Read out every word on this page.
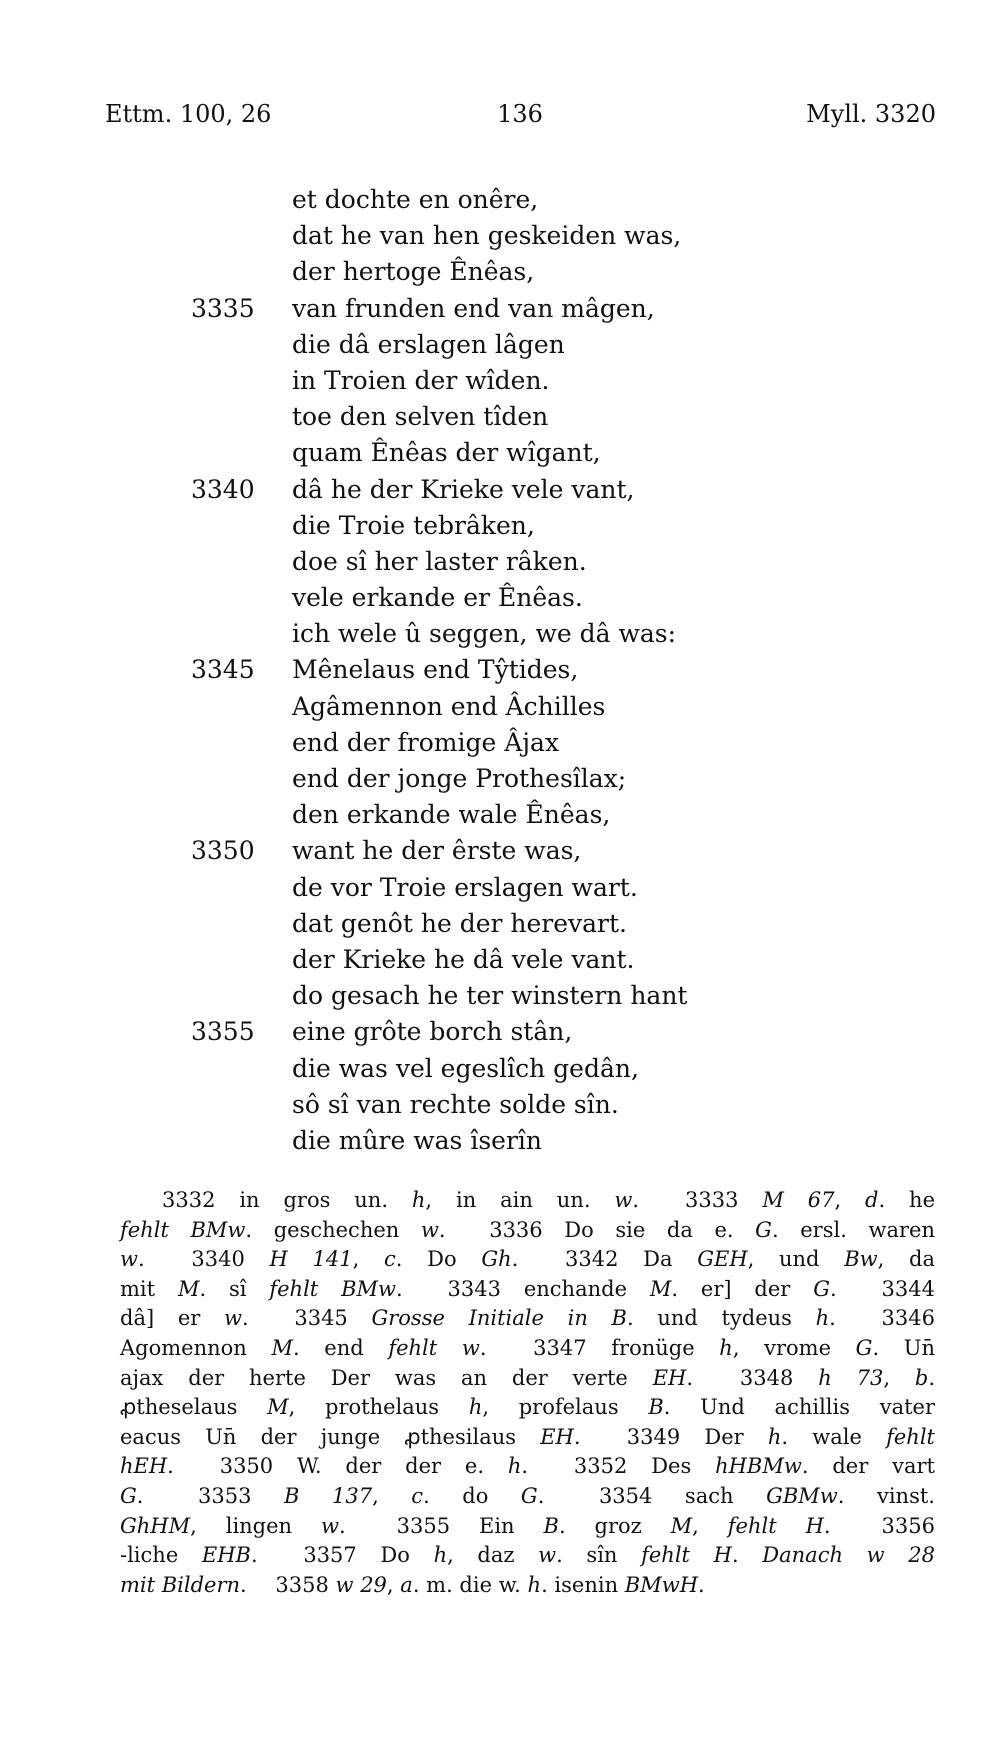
Ettm. 100, 26	136	Myll. 3320
et dochte en onêre,
dat he van hen geskeiden was,
der hertoge Ênêas,
3335 van frunden end van mâgen,
die dâ erslagen lâgen
in Troien der wîden.
toe den selven tîden
quam Ênêas der wîgant,
3340 dâ he der Krieke vele vant,
die Troie tebrâken,
doe sî her laster râken.
vele erkande er Ênêas.
ich wele û seggen, we dâ was:
3345 Mênelaus end Tŷtides,
Agâmennon end Âchilles
end der fromige Âjax
end der jonge Prothesîlax;
den erkande wale Ênêas,
3350 want he der êrste was,
de vor Troie erslagen wart.
dat genôt he der herevart.
der Krieke he dâ vele vant.
do gesach he ter winstern hant
3355 eine grôte borch stân,
die was vel egeslîch gedân,
sô sî van rechte solde sîn.
die mûre was îserîn
3332 in gros un. h, in ain un. w. 3333 M 67, d. he
fehlt BMw. geschechen w. 3336 Do sie da e. G. ersl. waren
w. 3340 H 141, c. Do Gh. 3342 Da GEH, und Bw, da
mit M. sî fehlt BMw. 3343 enchande M. er] der G. 3344
dâ] er w. 3345 Grosse Initiale in B. und tydeus h. 3346
Agomennon M. end fehlt w. 3347 fronüge h, vrome G. Un̄
ajax der herte Der was an der verte EH. 3348 h 73, b.
ꝓtheselaus M, prothelaus h, profelaus B. Und achillis vater
eacus Un̄ der junge ꝓthesilaus EH. 3349 Der h. wale fehlt
hEH. 3350 W. der der e. h. 3352 Des hHBMw. der vart
G.	3353 B 137, c. do G.	3354 sach GBMw. vinst.
GhHM, lingen w. 3355 Ein B. groz M, fehlt H. 3356
-liche EHB. 3357 Do h, daz w. sîn fehlt H. Danach w 28
mit Bildern. 3358 w 29, a. m. die w. h. isenin BMwH.
